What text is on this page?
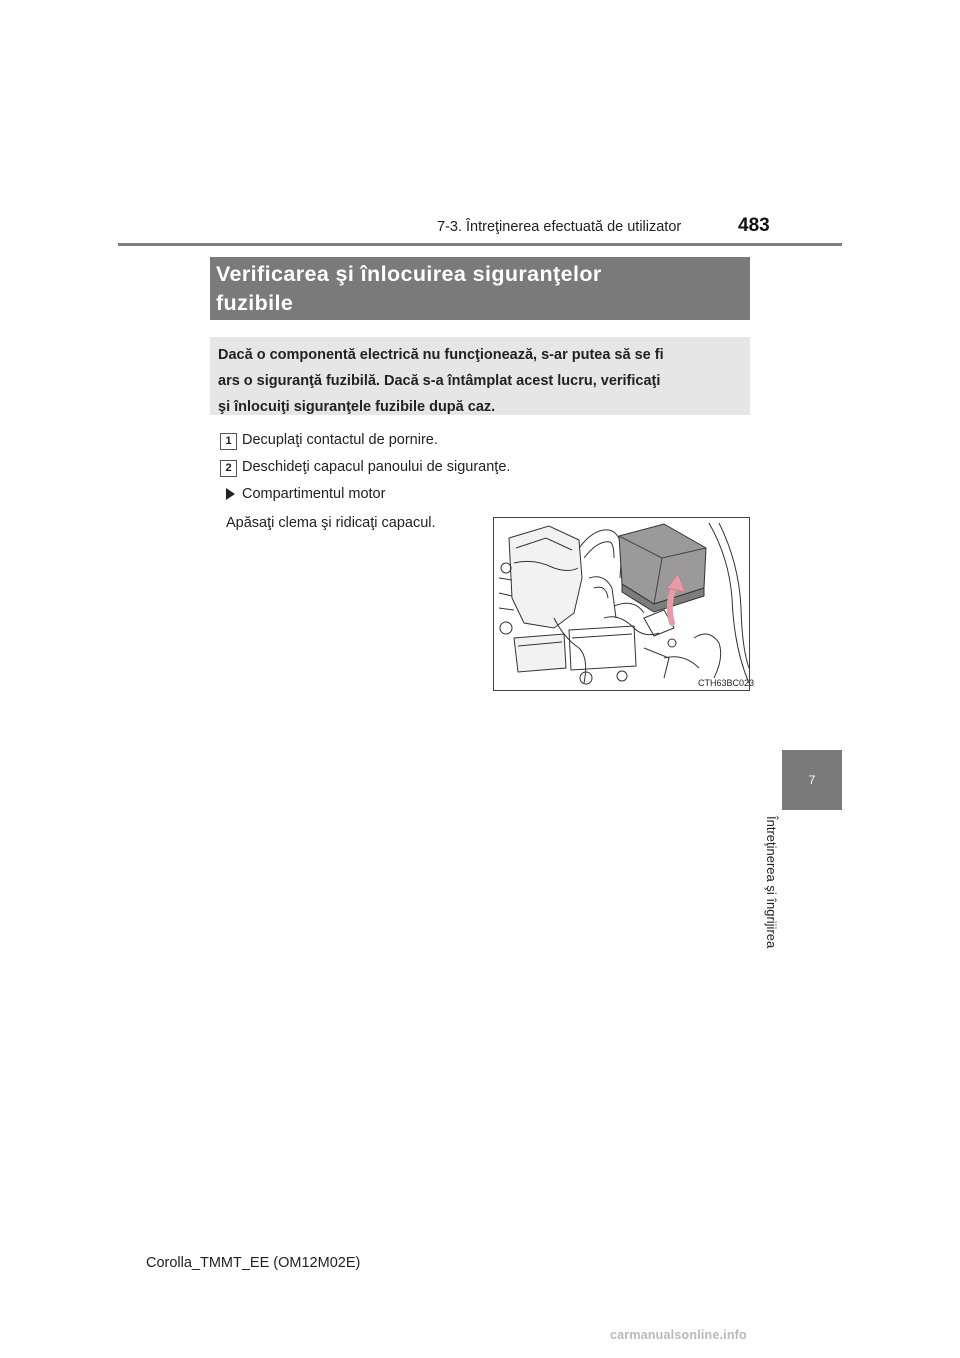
7-3. Întreţinerea efectuată de utilizator	483
Verificarea şi înlocuirea siguranţelor
fuzibile
Dacă o componentă electrică nu funcţionează, s-ar putea să se fi
ars o siguranţă fuzibilă. Dacă s-a întâmplat acest lucru, verificaţi
şi înlocuiţi siguranţele fuzibile după caz.
1 Decuplaţi contactul de pornire.
2 Deschideţi capacul panoului de siguranţe.
Compartimentul motor
Apăsaţi clema şi ridicaţi capacul.
CTH63BC023
7
Întreţinerea şi îngrijirea
Corolla_TMMT_EE (OM12M02E)
carmanualsonline.info
